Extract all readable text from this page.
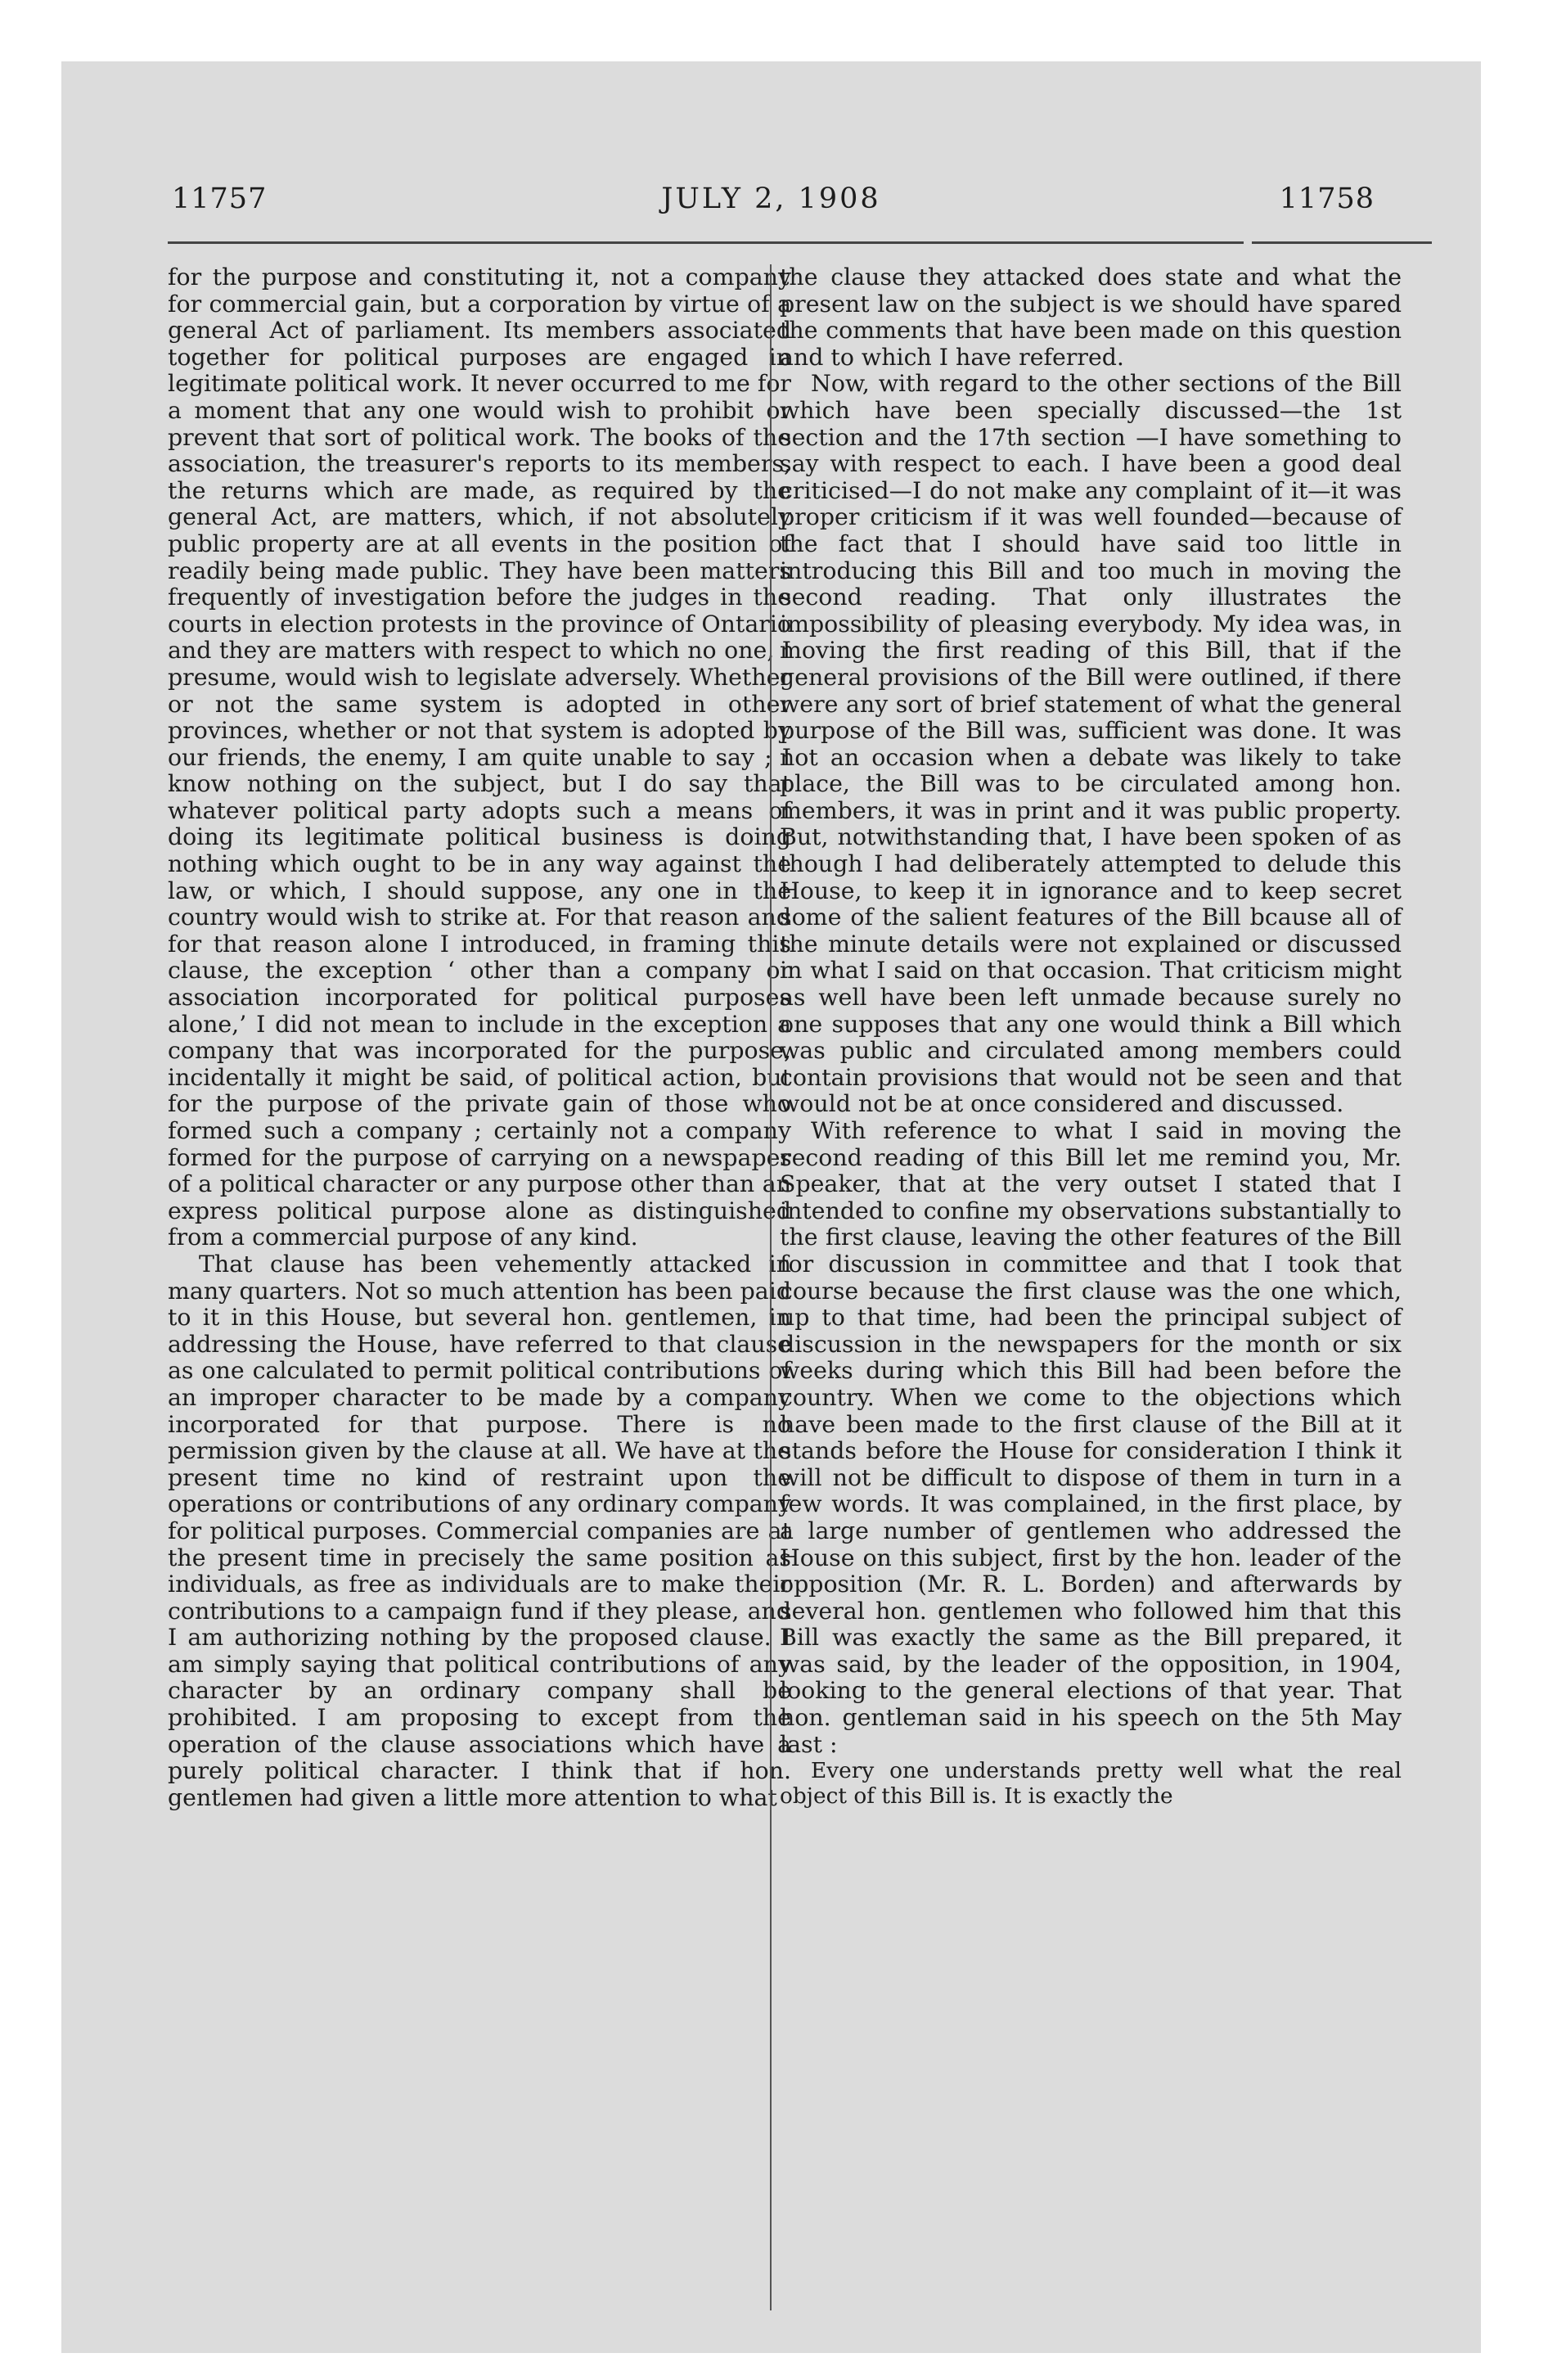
JULY 2, 1908
11757	11758

for the purpose and constituting it, not a company for commercial gain, but a corporation by virtue of a general Act of parliament. Its members associated together for political purposes are engaged in legitimate political work. It never occurred to me for a moment that any one would wish to prohibit or prevent that sort of political work. The books of the association, the treasurer's reports to its members, the returns which are made, as required by the general Act, are matters, which, if not absolutely public property are at all events in the position of readily being made public. They have been matters frequently of investigation before the judges in the courts in election protests in the province of Ontario and they are matters with respect to which no one, I presume, would wish to legislate adversely. Whether or not the same system is adopted in other provinces, whether or not that system is adopted by our friends, the enemy, I am quite unable to say ; I know nothing on the subject, but I do say that whatever political party adopts such a means of doing its legitimate political business is doing nothing which ought to be in any way against the law, or which, I should suppose, any one in the country would wish to strike at. For that reason and for that reason alone I introduced, in framing this clause, the exception ‘ other than a company or association incorporated for political purposes alone,’ I did not mean to include in the exception a company that was incorporated for the purpose, incidentally it might be said, of political action, but for the purpose of the private gain of those who formed such a company ; certainly not a company formed for the purpose of carrying on a newspaper of a political character or any purpose other than an express political purpose alone as distinguished from a commercial purpose of any kind.

That clause has been vehemently attacked in many quarters. Not so much attention has been paid to it in this House, but several hon. gentlemen, in addressing the House, have referred to that clause as one calculated to permit political contributions of an improper character to be made by a company incorporated for that purpose. There is no permission given by the clause at all. We have at the present time no kind of restraint upon the operations or contributions of any ordinary company for political purposes. Commercial companies are at the present time in precisely the same position as individuals, as free as individuals are to make their contributions to a campaign fund if they please, and I am authorizing nothing by the proposed clause. I am simply saying that political contributions of any character by an ordinary company shall be prohibited. I am proposing to except from the operation of the clause associations which have a purely political character. I think that if hon. gentlemen had given a little more attention to what

the clause they attacked does state and what the present law on the subject is we should have spared the comments that have been made on this question and to which I have referred.

Now, with regard to the other sections of the Bill which have been specially discussed—the 1st section and the 17th section —I have something to say with respect to each. I have been a good deal criticised—I do not make any complaint of it—it was proper criticism if it was well founded—because of the fact that I should have said too little in introducing this Bill and too much in moving the second reading. That only illustrates the impossibility of pleasing everybody. My idea was, in moving the first reading of this Bill, that if the general provisions of the Bill were outlined, if there were any sort of brief statement of what the general purpose of the Bill was, sufficient was done. It was not an occasion when a debate was likely to take place, the Bill was to be circulated among hon. members, it was in print and it was public property. But, notwithstanding that, I have been spoken of as though I had deliberately attempted to delude this House, to keep it in ignorance and to keep secret some of the salient features of the Bill bcause all of the minute details were not explained or discussed in what I said on that occasion. That criticism might as well have been left unmade because surely no one supposes that any one would think a Bill which was public and circulated among members could contain provisions that would not be seen and that would not be at once considered and discussed.

With reference to what I said in moving the second reading of this Bill let me remind you, Mr. Speaker, that at the very outset I stated that I intended to confine my observations substantially to the first clause, leaving the other features of the Bill for discussion in committee and that I took that course because the first clause was the one which, up to that time, had been the principal subject of discussion in the newspapers for the month or six weeks during which this Bill had been before the country. When we come to the objections which have been made to the first clause of the Bill at it stands before the House for consideration I think it will not be difficult to dispose of them in turn in a few words. It was complained, in the first place, by a large number of gentlemen who addressed the House on this subject, first by the hon. leader of the opposition (Mr. R. L. Borden) and afterwards by several hon. gentlemen who followed him that this Bill was exactly the same as the Bill prepared, it was said, by the leader of the opposition, in 1904, looking to the general elections of that year. That hon. gentleman said in his speech on the 5th May last :

Every one understands pretty well what the real object of this Bill is. It is exactly the
